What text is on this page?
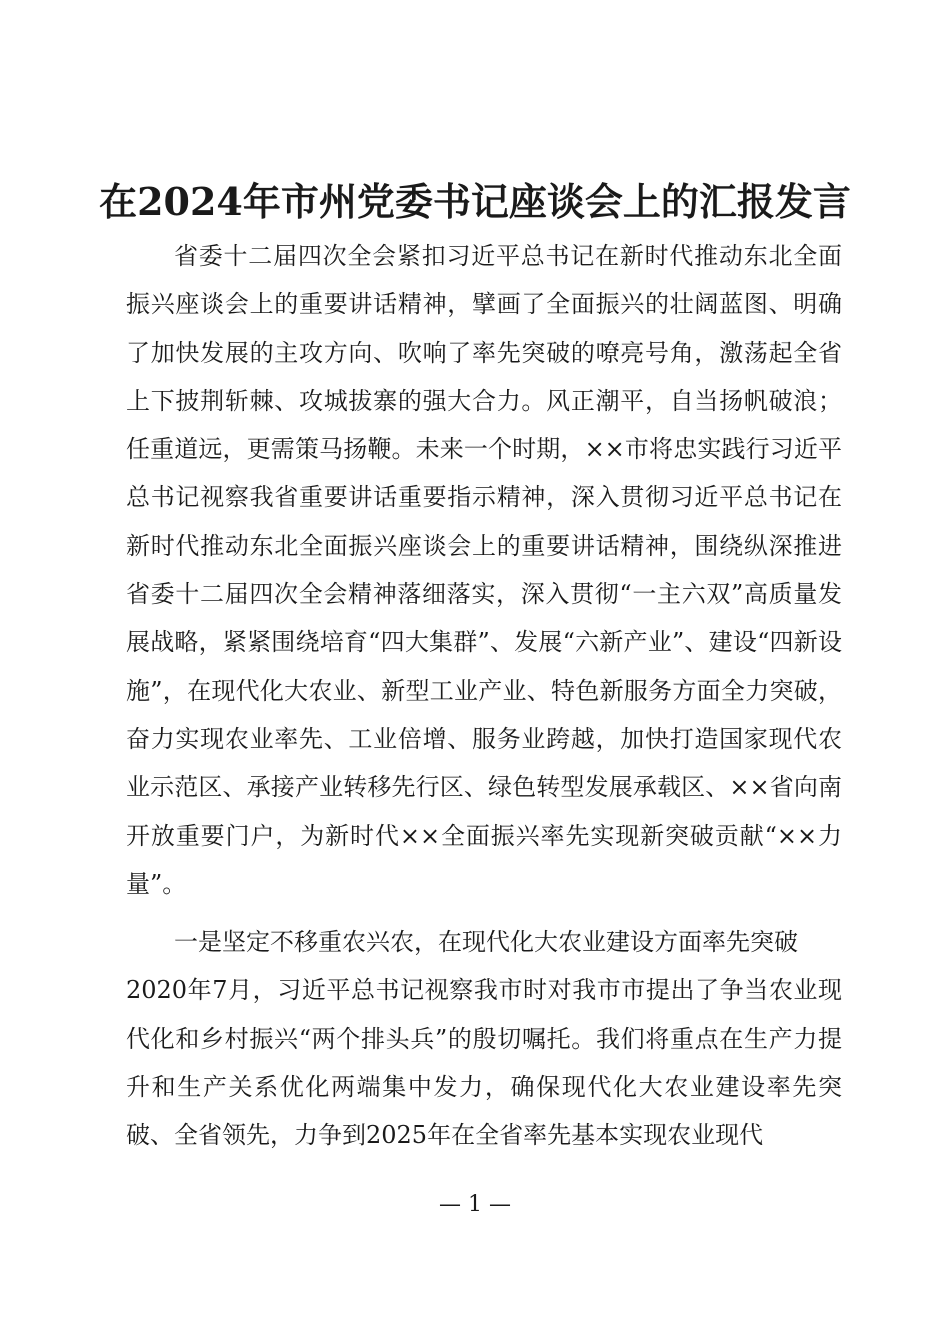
在2024年市州党委书记座谈会上的汇报发言

省委十二届四次全会紧扣习近平总书记在新时代推动东北全面振兴座谈会上的重要讲话精神，擘画了全面振兴的壮阔蓝图、明确了加快发展的主攻方向、吹响了率先突破的嘹亮号角，激荡起全省上下披荆斩棘、攻城拔寨的强大合力。风正潮平，自当扬帆破浪；任重道远，更需策马扬鞭。未来一个时期，××市将忠实践行习近平总书记视察我省重要讲话重要指示精神，深入贯彻习近平总书记在新时代推动东北全面振兴座谈会上的重要讲话精神，围绕纵深推进省委十二届四次全会精神落细落实，深入贯彻“一主六双”高质量发展战略，紧紧围绕培育“四大集群”、发展“六新产业”、建设“四新设施”，在现代化大农业、新型工业产业、特色新服务方面全力突破，奋力实现农业率先、工业倍增、服务业跨越，加快打造国家现代农业示范区、承接产业转移先行区、绿色转型发展承载区、××省向南开放重要门户，为新时代××全面振兴率先实现新突破贡献“××力量”。

一是坚定不移重农兴农，在现代化大农业建设方面率先突破
2020年7月，习近平总书记视察我市时对我市市提出了争当农业现代化和乡村振兴“两个排头兵”的殷切嘱托。我们将重点在生产力提升和生产关系优化两端集中发力，确保现代化大农业建设率先突破、全省领先，力争到2025年在全省率先基本实现农业现代

— 1 —
